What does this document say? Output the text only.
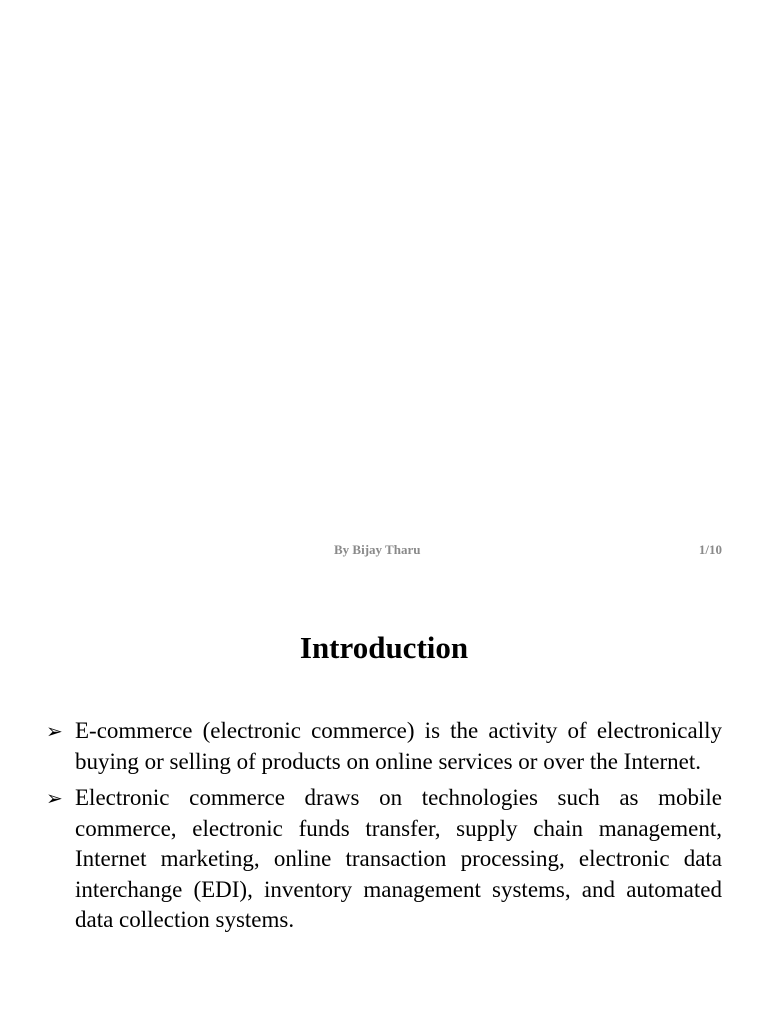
By Bijay Tharu	1/10
Introduction
➢ E-commerce (electronic commerce) is the activity of electronically buying or selling of products on online services or over the Internet.
➢ Electronic commerce draws on technologies such as mobile commerce, electronic funds transfer, supply chain management, Internet marketing, online transaction processing, electronic data interchange (EDI), inventory management systems, and automated data collection systems.
